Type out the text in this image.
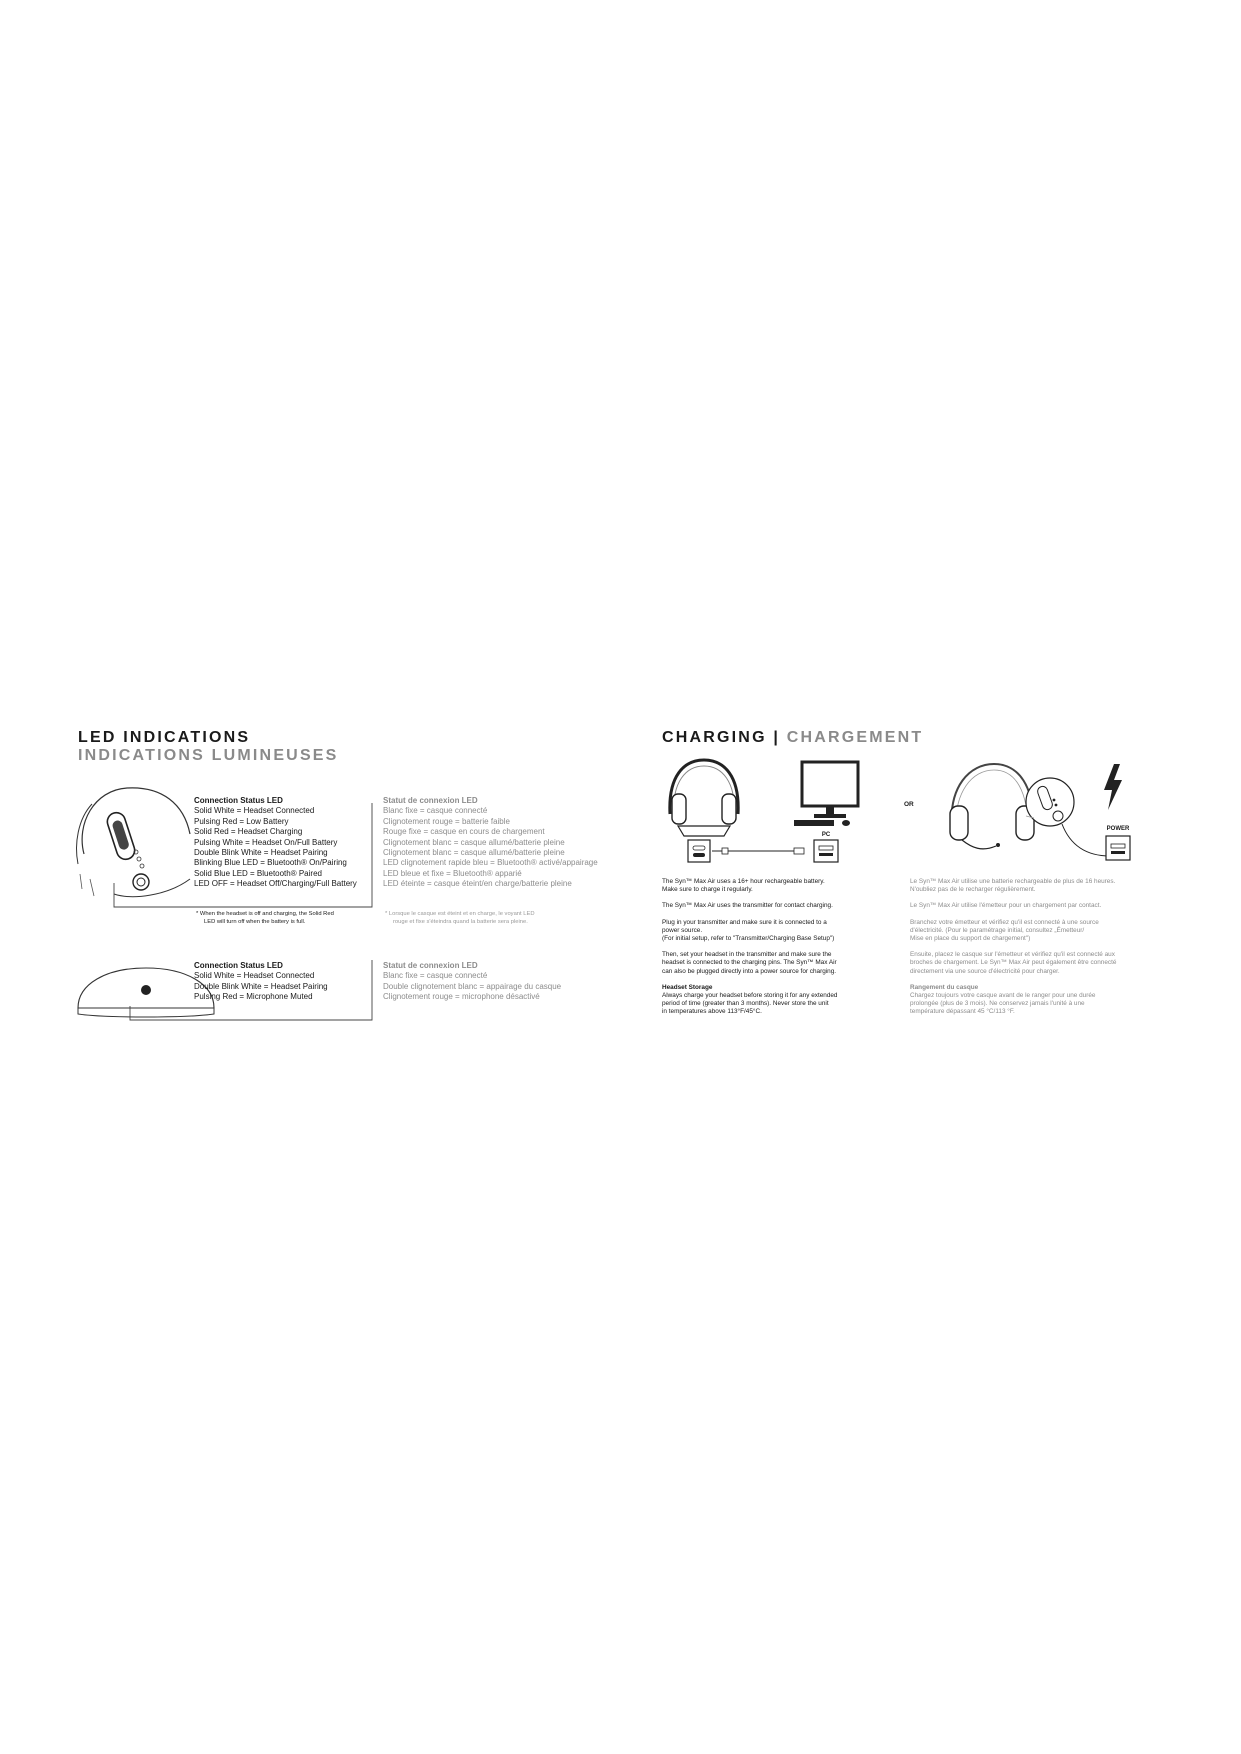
LED INDICATIONS
INDICATIONS LUMINEUSES
Connection Status LED
Solid White = Headset Connected
Pulsing Red = Low Battery
Solid Red = Headset Charging
Pulsing White = Headset On/Full Battery
Double Blink White = Headset Pairing
Blinking Blue LED = Bluetooth® On/Pairing
Solid Blue LED = Bluetooth® Paired
LED OFF = Headset Off/Charging/Full Battery
Statut de connexion LED
Blanc fixe = casque connecté
Clignotement rouge = batterie faible
Rouge fixe = casque en cours de chargement
Clignotement blanc = casque allumé/batterie pleine
Clignotement blanc = casque allumé/batterie pleine
LED clignotement rapide bleu = Bluetooth® activé/appairage
LED bleue et fixe = Bluetooth® apparié
LED éteinte = casque éteint/en charge/batterie pleine
* When the headset is off and charging, the Solid Red
LED will turn off when the battery is full.
* Lorsque le casque est éteint et en charge, le voyant LED
rouge et fixe s'éteindra quand la batterie sera pleine.
Connection Status LED
Solid White = Headset Connected
Double Blink White = Headset Pairing
Pulsing Red = Microphone Muted
Statut de connexion LED
Blanc fixe = casque connecté
Double clignotement blanc = appairage du casque
Clignotement rouge = microphone désactivé
CHARGING | CHARGEMENT
PC
OR
POWER
The Syn™ Max Air uses a 16+ hour rechargeable battery.
Make sure to charge it regularly.
The Syn™ Max Air uses the transmitter for contact charging.
Plug in your transmitter and make sure it is connected to a
power source.
(For initial setup, refer to "Transmitter/Charging Base Setup")
Then, set your headset in the transmitter and make sure the
headset is connected to the charging pins. The Syn™ Max Air
can also be plugged directly into a power source for charging.
Headset Storage
Always charge your headset before storing it for any extended
period of time (greater than 3 months). Never store the unit
in temperatures above 113°F/45°C.
Le Syn™ Max Air utilise une batterie rechargeable de plus de 16 heures.
N'oubliez pas de le recharger régulièrement.
Le Syn™ Max Air utilise l'émetteur pour un chargement par contact.
Branchez votre émetteur et vérifiez qu'il est connecté à une source
d'électricité. (Pour le paramétrage initial, consultez „Émetteur/
Mise en place du support de chargement")
Ensuite, placez le casque sur l'émetteur et vérifiez qu'il est connecté aux
broches de chargement. Le Syn™ Max Air peut également être connecté
directement via une source d'électricité pour charger.
Rangement du casque
Chargez toujours votre casque avant de le ranger pour une durée
prolongée (plus de 3 mois). Ne conservez jamais l'unité à une
température dépassant 45 °C/113 °F.
